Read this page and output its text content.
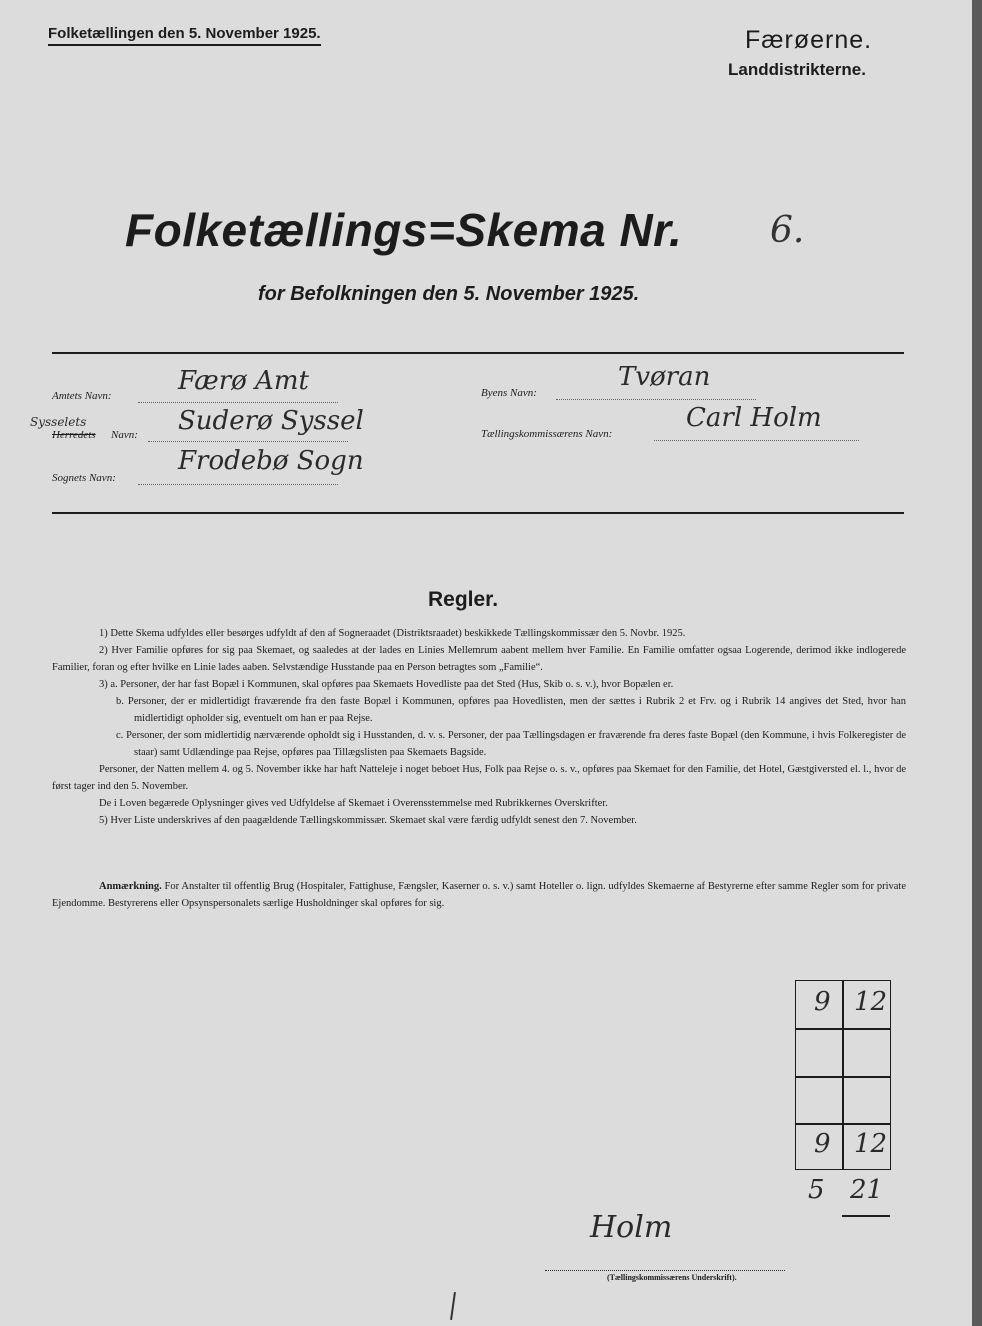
Folketællingen den 5. November 1925.	Færøerne.
Landdistrikterne.
Folketællings=Skema Nr. 6.
for Befolkningen den 5. November 1925.
Amtets Navn:	Færø Amt
Sysselets
Herredets Navn: Suderø Syssel
Sognets Navn:
Frodebø Sogn
Byens Navn:
Tvøran
Tællingskommissærens Navn:
Carl Holm
Regler.

1) Dette Skema udfyldes eller besørges udfyldt af den af Sogneraadet (Distriktsraadet) beskikkede Tællingskommissær den 5. Novbr. 1925.

2) Hver Familie opføres for sig paa Skemaet, og saaledes at der lades en Linies Mellemrum aabent mellem hver Familie. En Familie omfatter ogsaa Logerende, derimod ikke indlogerede Familier, foran og efter hvilke en Linie lades aaben. Selvstændige Husstande paa en Person betragtes som „Familie“.

3) a. Personer, der har fast Bopæl i Kommunen, skal opføres paa Skemaets Hovedliste paa det Sted (Hus, Skib o. s. v.), hvor Bopælen er.

b. Personer, der er midlertidigt fraværende fra den faste Bopæl i Kommunen, opføres paa Hovedlisten, men der sættes i Rubrik 2 et Frv. og i Rubrik 14 angives det Sted, hvor han midlertidigt opholder sig, eventuelt om han er paa Rejse.

c. Personer, der som midlertidig nærværende opholdt sig i Husstanden, d. v. s. Personer, der paa Tællingsdagen er fraværende fra deres faste Bopæl (den Kommune, i hvis Folkeregister de staar) samt Udlændinge paa Rejse, opføres paa Tillægslisten paa Skemaets Bagside.

Personer, der Natten mellem 4. og 5. November ikke har haft Natteleje i noget beboet Hus, Folk paa Rejse o. s. v., opføres paa Skemaet for den Familie, det Hotel, Gæstgiversted el. l., hvor de først tager ind den 5. November.

De i Loven begærede Oplysninger gives ved Udfyldelse af Skemaet i Overensstemmelse med Rubrikkernes Overskrifter.

5) Hver Liste underskrives af den paagældende Tællingskommissær. Skemaet skal være færdig udfyldt senest den 7. November.

Anmærkning. For Anstalter til offentlig Brug (Hospitaler, Fattighuse, Fængsler, Kaserner o. s. v.) samt Hoteller o. lign. udfyldes Skemaerne af Bestyrerne efter samme Regler som for private Ejendomme. Bestyrerens eller Opsynspersonalets særlige Husholdninger skal opføres for sig.
9 12
9 12
5 21
Holm
(Tællingskommissærens Underskrift).
